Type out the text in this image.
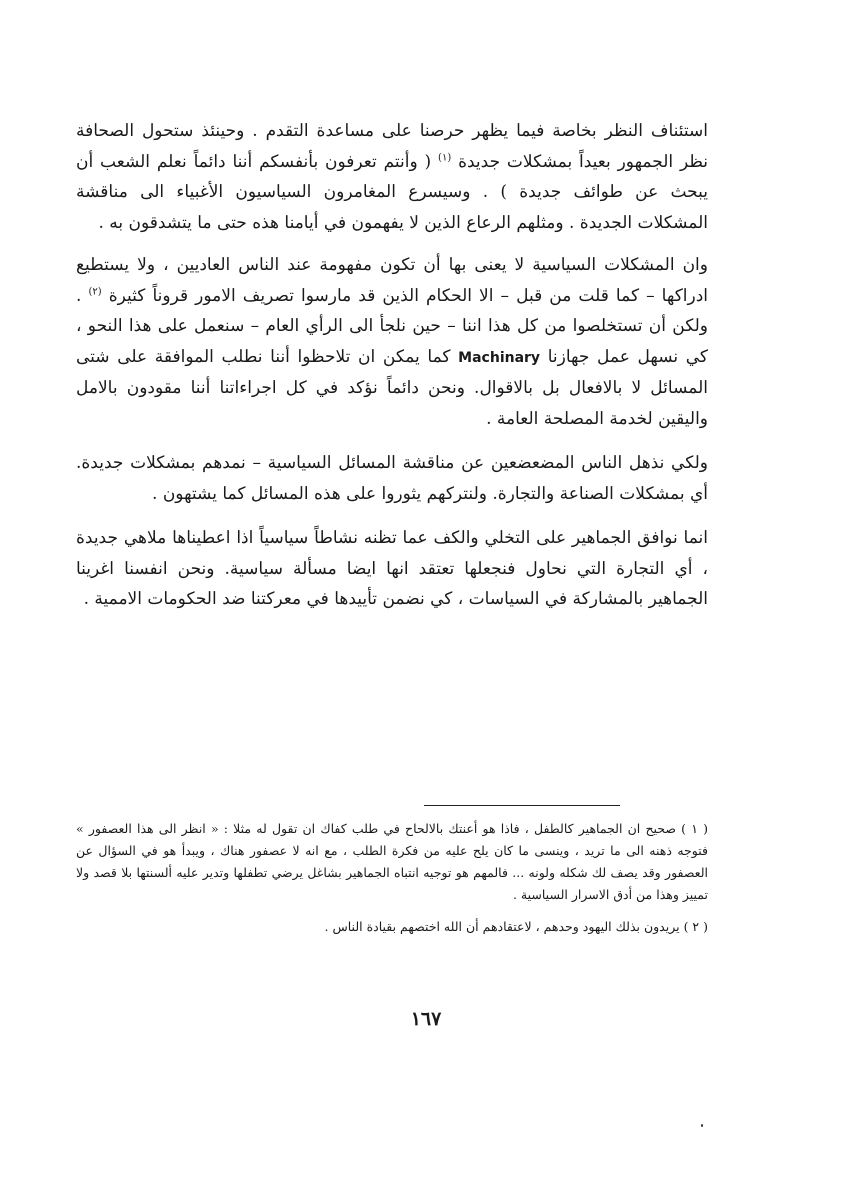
استئناف النظر بخاصة فيما يظهر حرصنا على مساعدة التقدم . وحينئذ ستحول الصحافة نظر الجمهور بعيداً بمشكلات جديدة $^{(١)}$ ( وأنتم تعرفون بأنفسكم أننا دائماً نعلم الشعب أن يبحث عن طوائف جديدة ) . وسيسرع المغامرون السياسيون الأغبياء الى مناقشة المشكلات الجديدة . ومثلهم الرعاع الذين لا يفهمون في أيامنا هذه حتى ما يتشدقون به .

وان المشكلات السياسية لا يعنى بها أن تكون مفهومة عند الناس العاديين ، ولا يستطيع ادراكها – كما قلت من قبل – الا الحكام الذين قد مارسوا تصريف الامور قروناً كثيرة $^{(٢)}$ . ولكن أن تستخلصوا من كل هذا اننا – حين نلجأ الى الرأي العام – سنعمل على هذا النحو ، كي نسهل عمل جهازنا Machinary كما يمكن ان تلاحظوا أننا نطلب الموافقة على شتى المسائل لا بالافعال بل بالاقوال. ونحن دائماً نؤكد في كل اجراءاتنا أننا مقودون بالامل واليقين لخدمة المصلحة العامة .

ولكي نذهل الناس المضعضعين عن مناقشة المسائل السياسية – نمدهم بمشكلات جديدة. أي بمشكلات الصناعة والتجارة. ولنتركهم يثوروا على هذه المسائل كما يشتهون .

انما نوافق الجماهير على التخلي والكف عما تظنه نشاطاً سياسياً اذا اعطيناها ملاهي جديدة ، أي التجارة التي نحاول فنجعلها تعتقد انها ايضا مسألة سياسية. ونحن انفسنا اغرينا الجماهير بالمشاركة في السياسات ، كي نضمن تأييدها في معركتنا ضد الحكومات الاممية .

( ١ ) صحيح ان الجماهير كالطفل ، فاذا هو أعنتك بالالحاح في طلب كفاك ان تقول له مثلا : « انظر الى هذا العصفور » فتوجه ذهنه الى ما تريد ، وينسى ما كان يلح عليه من فكرة الطلب ، مع انه لا عصفور هناك ، ويبدأ هو في السؤال عن العصفور وقد يصف لك شكله ولونه ... فالمهم هو توجيه انتباه الجماهير بشاغل يرضي تطفلها وتدير عليه ألسنتها بلا قصد ولا تمييز وهذا من أدق الاسرار السياسية .

( ٢ ) يريدون بذلك اليهود وحدهم ، لاعتقادهم أن الله اختصهم بقيادة الناس .

١٦٧
